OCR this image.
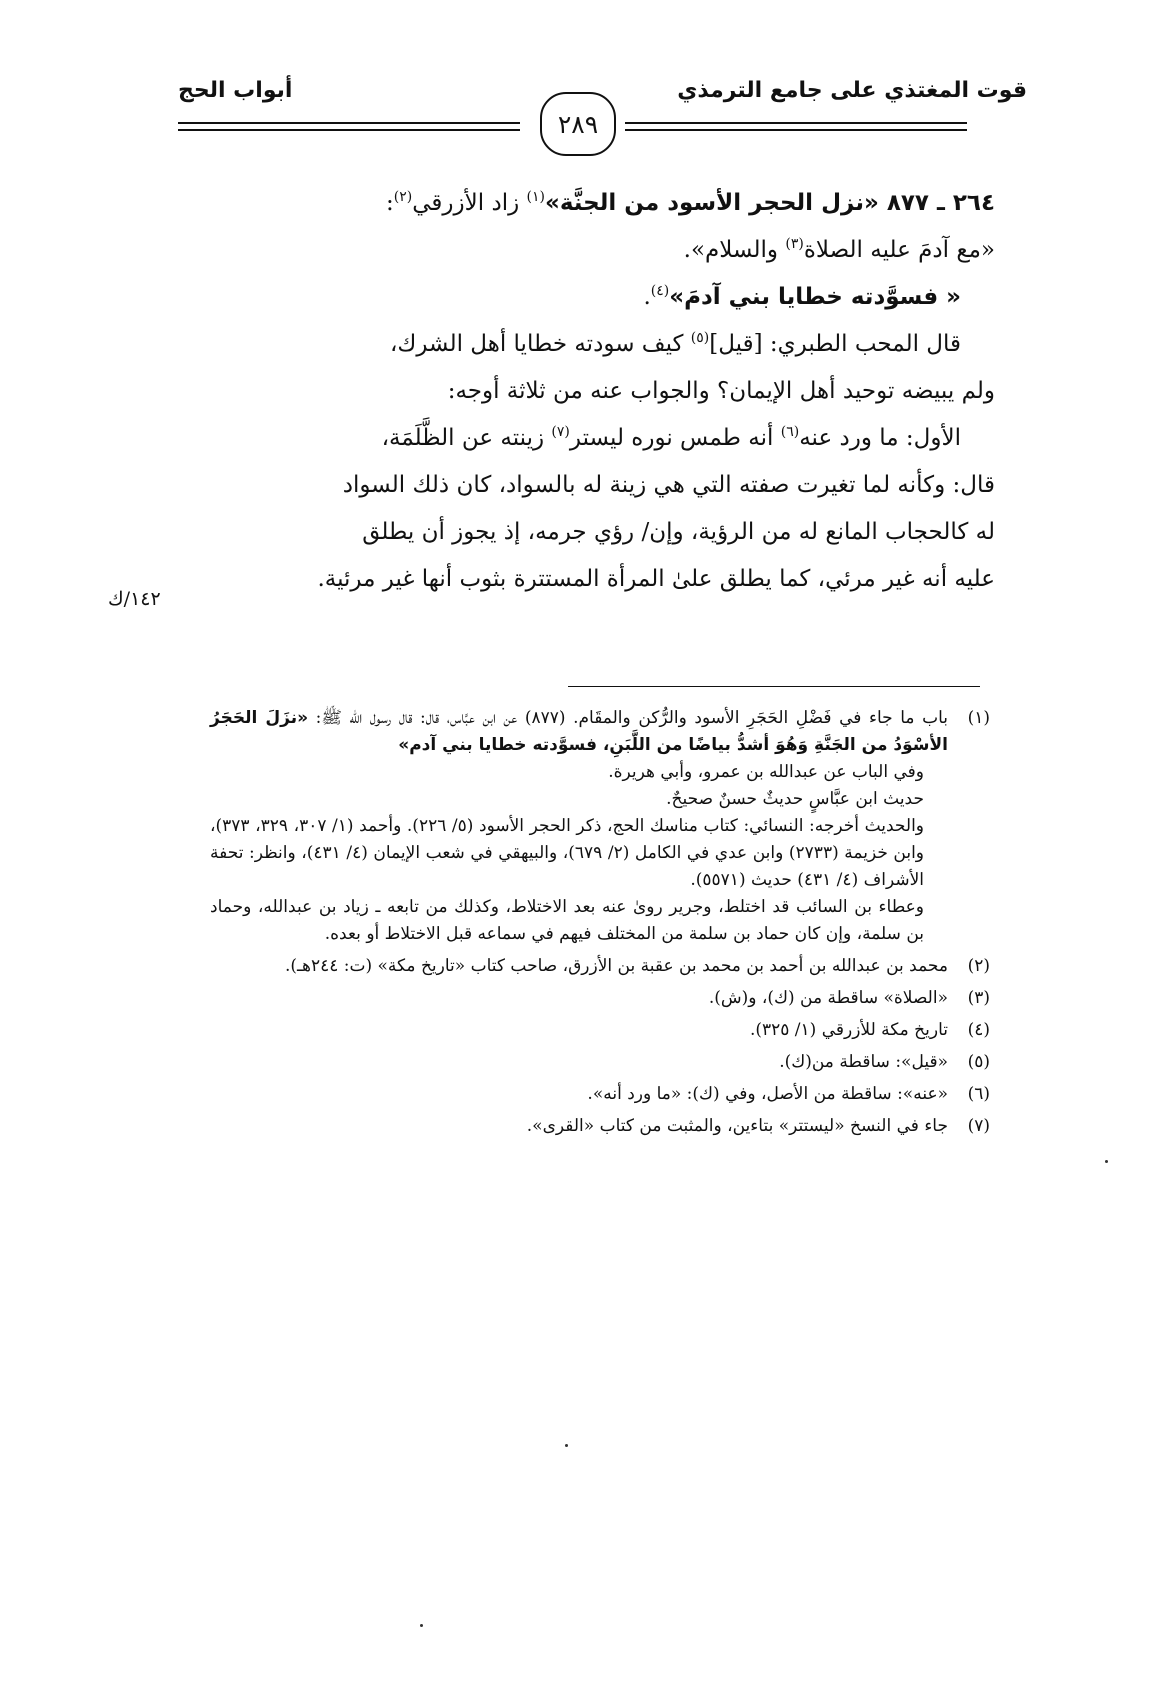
قوت المغتذي على جامع الترمذي
أبواب الحج
٢٨٩

٢٦٤ ـ ٨٧٧ «نزل الحجر الأسود من الجنَّة»$^{(١)}$ زاد الأزرقي$^{(٢)}$:

«مع آدمَ عليه الصلاة$^{(٣)}$ والسلام».

« فسوَّدته خطايا بني آدمَ»$^{(٤)}$.

قال المحب الطبري: [قيل]$^{(٥)}$ كيف سودته خطايا أهل الشرك،

ولم يبيضه توحيد أهل الإيمان؟ والجواب عنه من ثلاثة أوجه:

الأول: ما ورد عنه$^{(٦)}$ أنه طمس نوره ليستر$^{(٧)}$ زينته عن الظَّلَمَة،

قال: وكأنه لما تغيرت صفته التي هي زينة له بالسواد، كان ذلك السواد

له كالحجاب المانع له من الرؤية، وإن/ رؤي جرمه، إذ يجوز أن يطلق

عليه أنه غير مرئي، كما يطلق علىٰ المرأة المستترة بثوب أنها غير مرئية.

١٤٢/ك
(١)

باب ما جاء في فَضْلِ الحَجَرِ الأسود والرُّكن والمقَام. (٨٧٧) عن ابن عبَّاس، قال: قال رسول الله ﷺ: «نزَلَ الحَجَرُ الأسْوَدُ من الجَنَّةِ وَهُوَ أشدُّ بياضًا من اللَّبَنِ، فسوَّدته خطايا بني آدم»

وفي الباب عن عبدالله بن عمرو، وأبي هريرة.

حديث ابن عبَّاسٍ حديثٌ حسنٌ صحيحٌ.

والحديث أخرجه: النسائي: كتاب مناسك الحج، ذكر الحجر الأسود (٥/ ٢٢٦). وأحمد (١/ ٣٠٧، ٣٢٩، ٣٧٣)، وابن خزيمة (٢٧٣٣) وابن عدي في الكامل (٢/ ٦٧٩)، والبيهقي في شعب الإيمان (٤/ ٤٣١)، وانظر: تحفة الأشراف (٤/ ٤٣١) حديث (٥٥٧١).

وعطاء بن السائب قد اختلط، وجرير روىٰ عنه بعد الاختلاط، وكذلك من تابعه ـ زياد بن عبدالله، وحماد بن سلمة، وإن كان حماد بن سلمة من المختلف فيهم في سماعه قبل الاختلاط أو بعده.

(٢)
محمد بن عبدالله بن أحمد بن محمد بن عقبة بن الأزرق، صاحب كتاب «تاريخ مكة» (ت: ٢٤٤هـ).
(٣)
«الصلاة» ساقطة من (ك)، و(ش).
(٤)
تاريخ مكة للأزرقي (١/ ٣٢٥).
(٥)
«قيل»: ساقطة من(ك).
(٦)
«عنه»: ساقطة من الأصل، وفي (ك): «ما ورد أنه».
(٧)
جاء في النسخ «ليستتر» بتاءين، والمثبت من كتاب «القرى».
